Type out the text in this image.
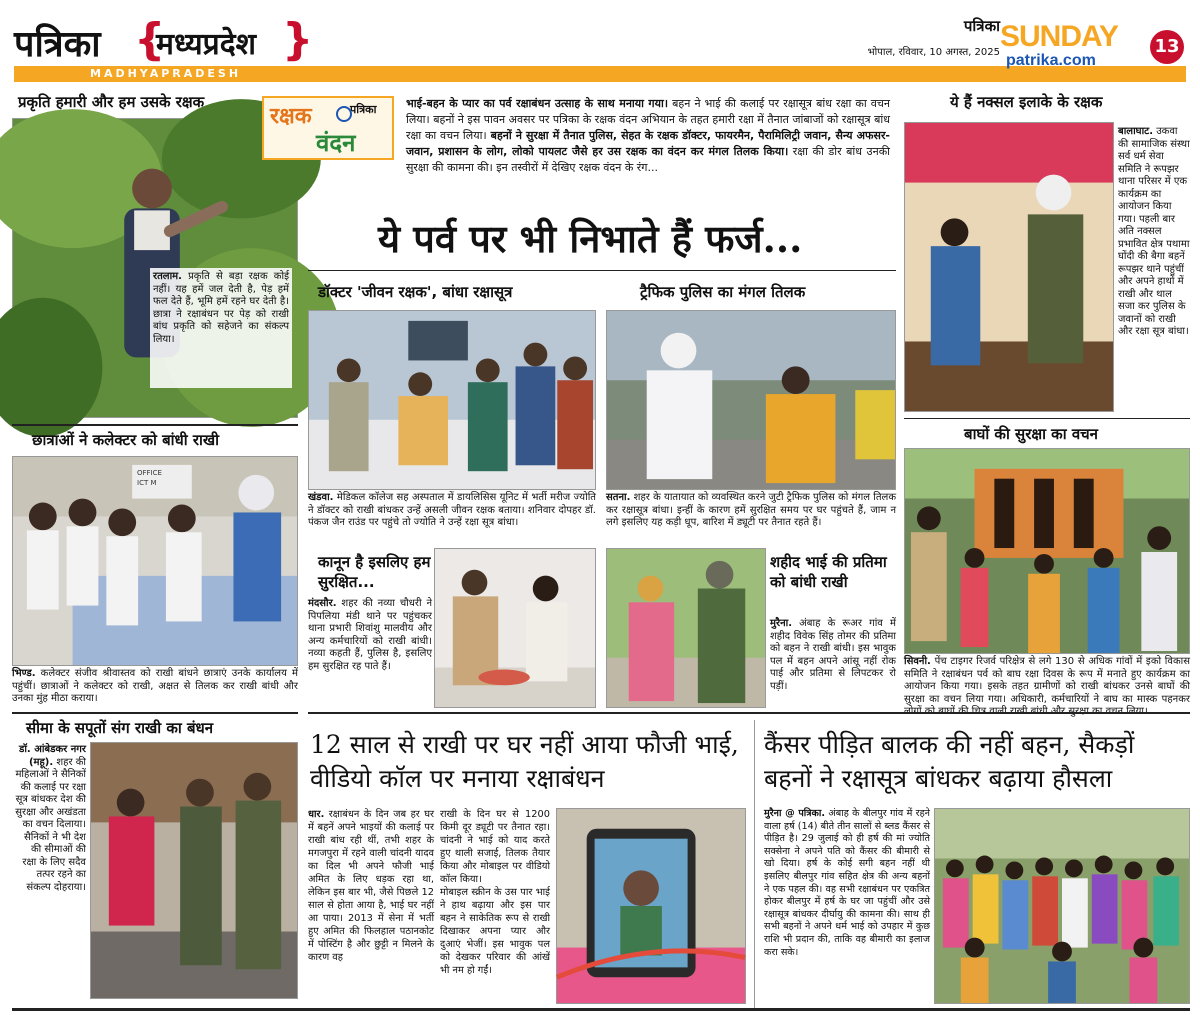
पत्रिका {
मध्यप्रदेश }
MADHYAPRADESH
पत्रिका
भोपाल, रविवार, 10 अगस्त, 2025 SUNDAY
patrika.com
13
प्रकृति हमारी और हम उसके रक्षक
रतलाम. प्रकृति से बड़ा रक्षक कोई नहीं। यह हमें जल देती है, पेड़ हमें फल देते हैं, भूमि हमें रहने घर देती है। छात्रा ने रक्षाबंधन पर पेड़ को राखी बांध प्रकृति को सहेजने का संकल्प लिया।
छात्राओं ने कलेक्टर को बांधी राखी
OFFICE
ICT M
भिण्ड. कलेक्टर संजीव श्रीवास्तव को राखी बांधने छात्राएं उनके कार्यालय में पहुंचीं। छात्राओं ने कलेक्टर को राखी, अक्षत से तिलक कर राखी बांधी और उनका मुंह मीठा कराया।
सीमा के सपूतों संग राखी का बंधन
डॉ. आंबेडकर नगर (महू). शहर की महिलाओं ने सैनिकों की कलाई पर रक्षा सूत्र बांधकर देश की सुरक्षा और अखंडता का वचन दिलाया। सैनिकों ने भी देश की सीमाओं की रक्षा के लिए सदैव तत्पर रहने का संकल्प दोहराया।
रक्षक
वंदन
पत्रिका	भाई-बहन के प्यार का पर्व रक्षाबंधन उत्साह के साथ मनाया गया। बहन ने भाई की कलाई पर रक्षासूत्र बांध रक्षा का वचन लिया। बहनों ने इस पावन अवसर पर पत्रिका के रक्षक वंदन अभियान के तहत हमारी रक्षा में तैनात जांबाजों को रक्षासूत्र बांध रक्षा का वचन लिया। बहनों ने सुरक्षा में तैनात पुलिस, सेहत के रक्षक डॉक्टर, फायरमैन, पैरामिलिट्री जवान, सैन्य अफसर-जवान, प्रशासन के लोग, लोको पायलट जैसे हर उस रक्षक का वंदन कर मंगल तिलक किया। रक्षा की डोर बांध उनकी सुरक्षा की कामना की। इन तस्वीरों में देखिए रक्षक वंदन के रंग...
ये पर्व पर भी निभाते हैं फर्ज...
डॉक्टर 'जीवन रक्षक', बांधा रक्षासूत्र
खंडवा. मेडिकल कॉलेज सह अस्पताल में डायलिसिस यूनिट में भर्ती मरीज ज्योति ने डॉक्टर को राखी बांधकर उन्हें असली जीवन रक्षक बताया। शनिवार दोपहर डॉ. पंकज जैन राउंड पर पहुंचे तो ज्योति ने उन्हें रक्षा सूत्र बांधा।
ट्रैफिक पुलिस का मंगल तिलक
सतना. शहर के यातायात को व्यवस्थित करने जुटी ट्रैफिक पुलिस को मंगल तिलक कर रक्षासूत्र बांधा। इन्हीं के कारण हमें सुरक्षित समय पर घर पहुंचते हैं, जाम न लगे इसलिए यह कड़ी धूप, बारिश में ड्यूटी पर तैनात रहते हैं।
कानून है इसलिए हम सुरक्षित...
मंदसौर. शहर की नव्या चौधरी ने पिपलिया मंडी थाने पर पहुंचकर थाना प्रभारी शिवांशु मालवीय और अन्य कर्मचारियों को राखी बांधी। नव्या कहती हैं, पुलिस है, इसलिए हम सुरक्षित रह पाते हैं।
शहीद भाई की प्रतिमा को बांधी राखी
मुरैना. अंबाह के रूअर गांव में शहीद विवेक सिंह तोमर की प्रतिमा को बहन ने राखी बांधी। इस भावुक पल में बहन अपने आंसू नहीं रोक पाई और प्रतिमा से लिपटकर रो पड़ीं।
ये हैं नक्सल इलाके के रक्षक
बालाघाट. उकवा की सामाजिक संस्था सर्व धर्म सेवा समिति ने रूपझर थाना परिसर में एक कार्यक्रम का आयोजन किया गया। पहली बार अति नक्सल प्रभावित क्षेत्र पथामा घोंदी की बैगा बहनें रूपझर थाने पहुंचीं और अपने हाथों में राखी और थाल सजा कर पुलिस के जवानों को राखी और रक्षा सूत्र बांधा।
बाघों की सुरक्षा का वचन
सिवनी. पेंच टाइगर रिजर्व परिक्षेत्र से लगे 130 से अधिक गांवों में इको विकास समिति ने रक्षाबंधन पर्व को बाघ रक्षा दिवस के रूप में मनाते हुए कार्यक्रम का आयोजन किया गया। इसके तहत ग्रामीणों को राखी बांधकर उनसे बाघों की सुरक्षा का वचन लिया गया। अधिकारी, कर्मचारियों ने बाघ का मास्क पहनकर
12 साल से राखी पर घर नहीं आया फौजी भाई, वीडियो कॉल पर मनाया रक्षाबंधन
धार. रक्षाबंधन के दिन जब हर घर में बहनें अपने भाइयों की कलाई पर राखी बांध रही थीं, तभी शहर के मगजपुरा में रहने वाली चांदनी यादव का दिल भी अपने फौजी भाई अमित के लिए धड़क रहा था, लेकिन इस बार भी, जैसे पिछले 12 साल से होता आया है, भाई घर नहीं आ पाया। 2013 में सेना में भर्ती हुए अमित की फिलहाल पठानकोट में पोस्टिंग है और छुट्टी न मिलने के कारण वह
राखी के दिन घर से 1200 किमी दूर ड्यूटी पर तैनात रहा। चांदनी ने भाई को याद करते हुए थाली सजाई, तिलक तैयार किया और मोबाइल पर वीडियो कॉल किया।
मोबाइल स्क्रीन के उस पार भाई ने हाथ बढ़ाया और इस पार बहन ने साकेतिक रूप से राखी दिखाकर अपना प्यार और दुआएं भेजीं। इस भावुक पल को देखकर परिवार की आंखें भी नम हो गईं।
कैंसर पीड़ित बालक की नहीं बहन, सैकड़ों बहनों ने रक्षासूत्र बांधकर बढ़ाया हौसला
मुरैना @ पत्रिका. अंबाह के बीलपुर गांव में रहने वाला हर्ष (14) बीते तीन सालों से ब्लड कैंसर से पीड़ित है। 29 जुलाई को ही हर्ष की मां ज्योति सक्सेना ने अपने पति को कैंसर की बीमारी से खो दिया। हर्ष के कोई सगी बहन नहीं थी इसलिए बीलपुर गांव सहित क्षेत्र की अन्य बहनों ने एक पहल की। वह सभी रक्षाबंधन पर एकत्रित होकर बीलपुर में हर्ष के घर जा पहुंचीं और उसे रक्षासूत्र बांधकर दीर्घायु की कामना की। साथ ही सभी बहनों ने अपने धर्म भाई को उपहार में कुछ राशि भी प्रदान की, ताकि वह बीमारी का इलाज करा सके।
